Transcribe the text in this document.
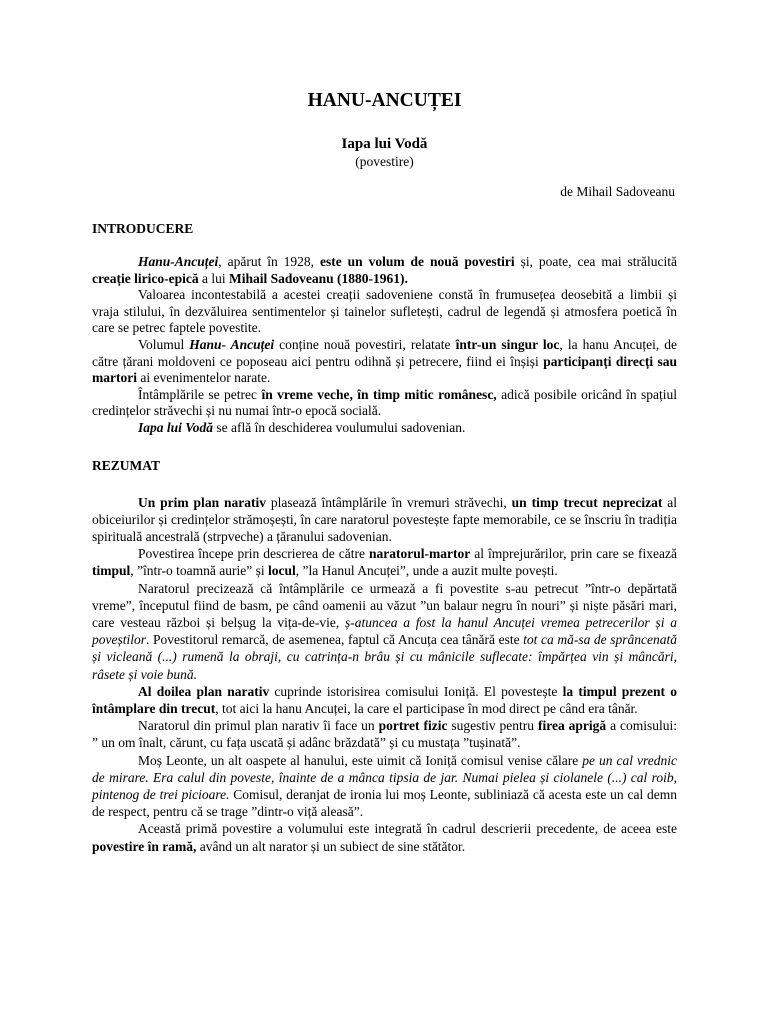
HANU-ANCUȚEI

Iapa lui Vodă

(povestire)

de Mihail Sadoveanu

INTRODUCERE

Hanu-Ancuței, apărut în 1928, este un volum de nouă povestiri și, poate, cea mai strălucită creație lirico-epică a lui Mihail Sadoveanu (1880-1961).

Valoarea incontestabilă a acestei creații sadoveniene constă în frumusețea deosebită a limbii și vraja stilului, în dezvăluirea sentimentelor și tainelor sufletești, cadrul de legendă și atmosfera poetică în care se petrec faptele povestite.

Volumul Hanu- Ancuței conține nouă povestiri, relatate într-un singur loc, la hanu Ancuței, de către țărani moldoveni ce poposeau aici pentru odihnă și petrecere, fiind ei înșiși participanți direcți sau martori ai evenimentelor narate.

Întâmplările se petrec în vreme veche, în timp mitic românesc, adică posibile oricând în spațiul credințelor străvechi și nu numai într-o epocă socială.

Iapa lui Vodă se află în deschiderea voulumului sadovenian.

REZUMAT

Un prim plan narativ plasează întâmplările în vremuri străvechi, un timp trecut neprecizat al obiceiurilor și credințelor strămoșești, în care naratorul povestește fapte memorabile, ce se înscriu în tradiția spirituală ancestrală (strpveche) a țăranului sadovenian.

Povestirea începe prin descrierea de către naratorul-martor al împrejurărilor, prin care se fixează timpul, ”într-o toamnă aurie” și locul, ”la Hanul Ancuței”, unde a auzit multe povești.

Naratorul precizează că întâmplările ce urmează a fi povestite s-au petrecut ”într-o depărtată vreme”, începutul fiind de basm, pe când oamenii au văzut ”un balaur negru în nouri” și niște păsări mari, care vesteau război și belșug la vița-de-vie, ș-atuncea a fost la hanul Ancuței vremea petrecerilor și a poveștilor. Povestitorul remarcă, de asemenea, faptul că Ancuța cea tânără este tot ca mă-sa de sprâncenată și vicleană (...) rumenă la obraji, cu catrința-n brâu și cu mânicile suflecate: împărțea vin și mâncări, râsete și voie bună.

Al doilea plan narativ cuprinde istorisirea comisului Ioniță. El povestește la timpul prezent o întâmplare din trecut, tot aici la hanu Ancuței, la care el participase în mod direct pe când era tânăr.

Naratorul din primul plan narativ îi face un portret fizic sugestiv pentru firea aprigă a comisului: ” un om înalt, cărunt, cu fața uscată și adânc brăzdată” și cu mustața ”tușinată”.

Moș Leonte, un alt oaspete al hanului, este uimit că Ioniță comisul venise călare pe un cal vrednic de mirare. Era calul din poveste, înainte de a mânca tipsia de jar. Numai pielea și ciolanele (...) cal roib, pintenog de trei picioare. Comisul, deranjat de ironia lui moș Leonte, subliniază că acesta este un cal demn de respect, pentru că se trage ”dintr-o viță aleasă”.

Această primă povestire a volumului este integrată în cadrul descrierii precedente, de aceea este povestire în ramă, având un alt narator și un subiect de sine stătător.
